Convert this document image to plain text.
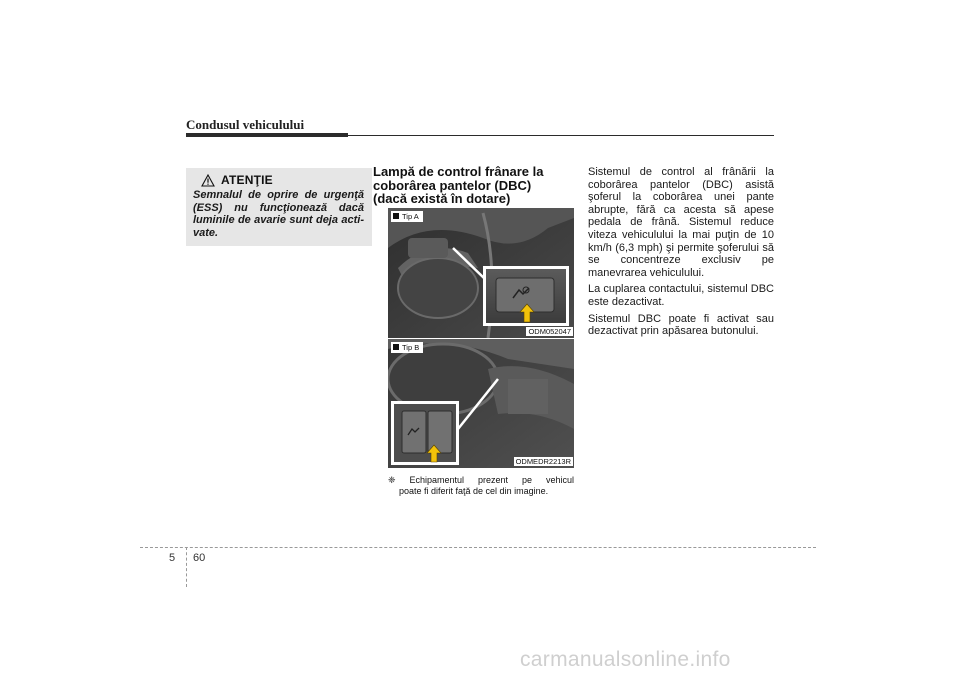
Condusul vehiculului
ATENŢIE
Semnalul de oprire de urgenţă (ESS) nu funcţionează dacă luminile de avarie sunt deja acti-vate.
Lampă de control frânare la
coborârea pantelor (DBC)
(dacă există în dotare)
Tip A
ODM052047
Tip B
ODMEDR2213R
❈ Echipamentul prezent pe vehicul
poate fi diferit faţă de cel din imagine.

Sistemul de control al frânării la coborârea pantelor (DBC) asistă şoferul la coborârea unei pante abrupte, fără ca acesta să apese pedala de frână. Sistemul reduce viteza vehiculului la mai puţin de 10 km/h (6,3 mph) şi permite şoferului să se concentreze exclusiv pe manevrarea vehiculului.

La cuplarea contactului, sistemul DBC este dezactivat.

Sistemul DBC poate fi activat sau dezactivat prin apăsarea butonului.

5 60
carmanualsonline.info
